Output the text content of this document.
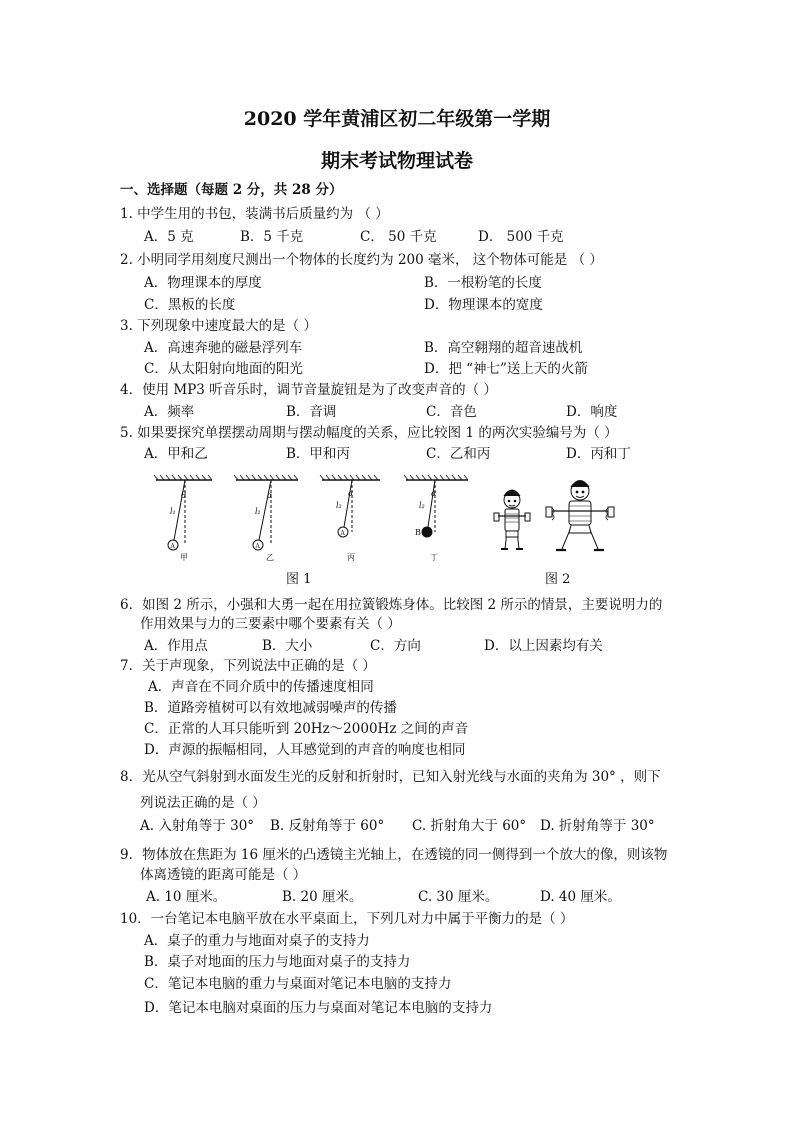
2020 学年黄浦区初二年级第一学期
期末考试物理试卷
一、选择题（每题 2 分，共 28 分）
1. 中学生用的书包，装满书后质量约为 （ ）
A．5 克	B．5 千克	C． 50 千克	D． 500 千克
2. 小明同学用刻度尺测出一个物体的长度约为 200 毫米， 这个物体可能是 （ ）
A．物理课本的厚度	B．一根粉笔的长度
C．黑板的长度	D．物理课本的宽度
3. 下列现象中速度最大的是（ ）
A．高速奔驰的磁悬浮列车	B．高空翱翔的超音速战机
C．从太阳射向地面的阳光	D．把 “神七”送上天的火箭
4．使用 MP3 听音乐时，调节音量旋钮是为了改变声音的（ ）
A．频率	B．音调	C．音色	D．响度
5. 如果要探究单摆摆动周期与摆动幅度的关系，应比较图 1 的两次实验编号为（ ）
A．甲和乙	B．甲和丙	C．乙和丙	D．丙和丁
l₁
θ
A
l₁
α
A
l₂
α
A
l₂
α
B
甲	乙	丙	丁
图 1	图 2
6．如图 2 所示，小强和大勇一起在用拉簧锻炼身体。比较图 2 所示的情景，主要说明力的
作用效果与力的三要素中哪个要素有关（ ）
A．作用点	B．大小	C．方向	D．以上因素均有关
7．关于声现象，下列说法中正确的是（ ）
A．声音在不同介质中的传播速度相同
B．道路旁植树可以有效地减弱噪声的传播
C．正常的人耳只能听到 20Hz～2000Hz 之间的声音
D．声源的振幅相同，人耳感觉到的声音的响度也相同
8．光从空气斜射到水面发生光的反射和折射时，已知入射光线与水面的夹角为 30° ，则下
列说法正确的是（ ）
A. 入射角等于 30° B. 反射角等于 60° C. 折射角大于 60° D. 折射角等于 30°
9．物体放在焦距为 16 厘米的凸透镜主光轴上，在透镜的同一侧得到一个放大的像，则该物
体离透镜的距离可能是（ ）
A. 10 厘米。	B. 20 厘米。	C. 30 厘米。	D. 40 厘米。
10．一台笔记本电脑平放在水平桌面上，下列几对力中属于平衡力的是（ ）
A．桌子的重力与地面对桌子的支持力
B．桌子对地面的压力与地面对桌子的支持力
C．笔记本电脑的重力与桌面对笔记本电脑的支持力
D．笔记本电脑对桌面的压力与桌面对笔记本电脑的支持力
